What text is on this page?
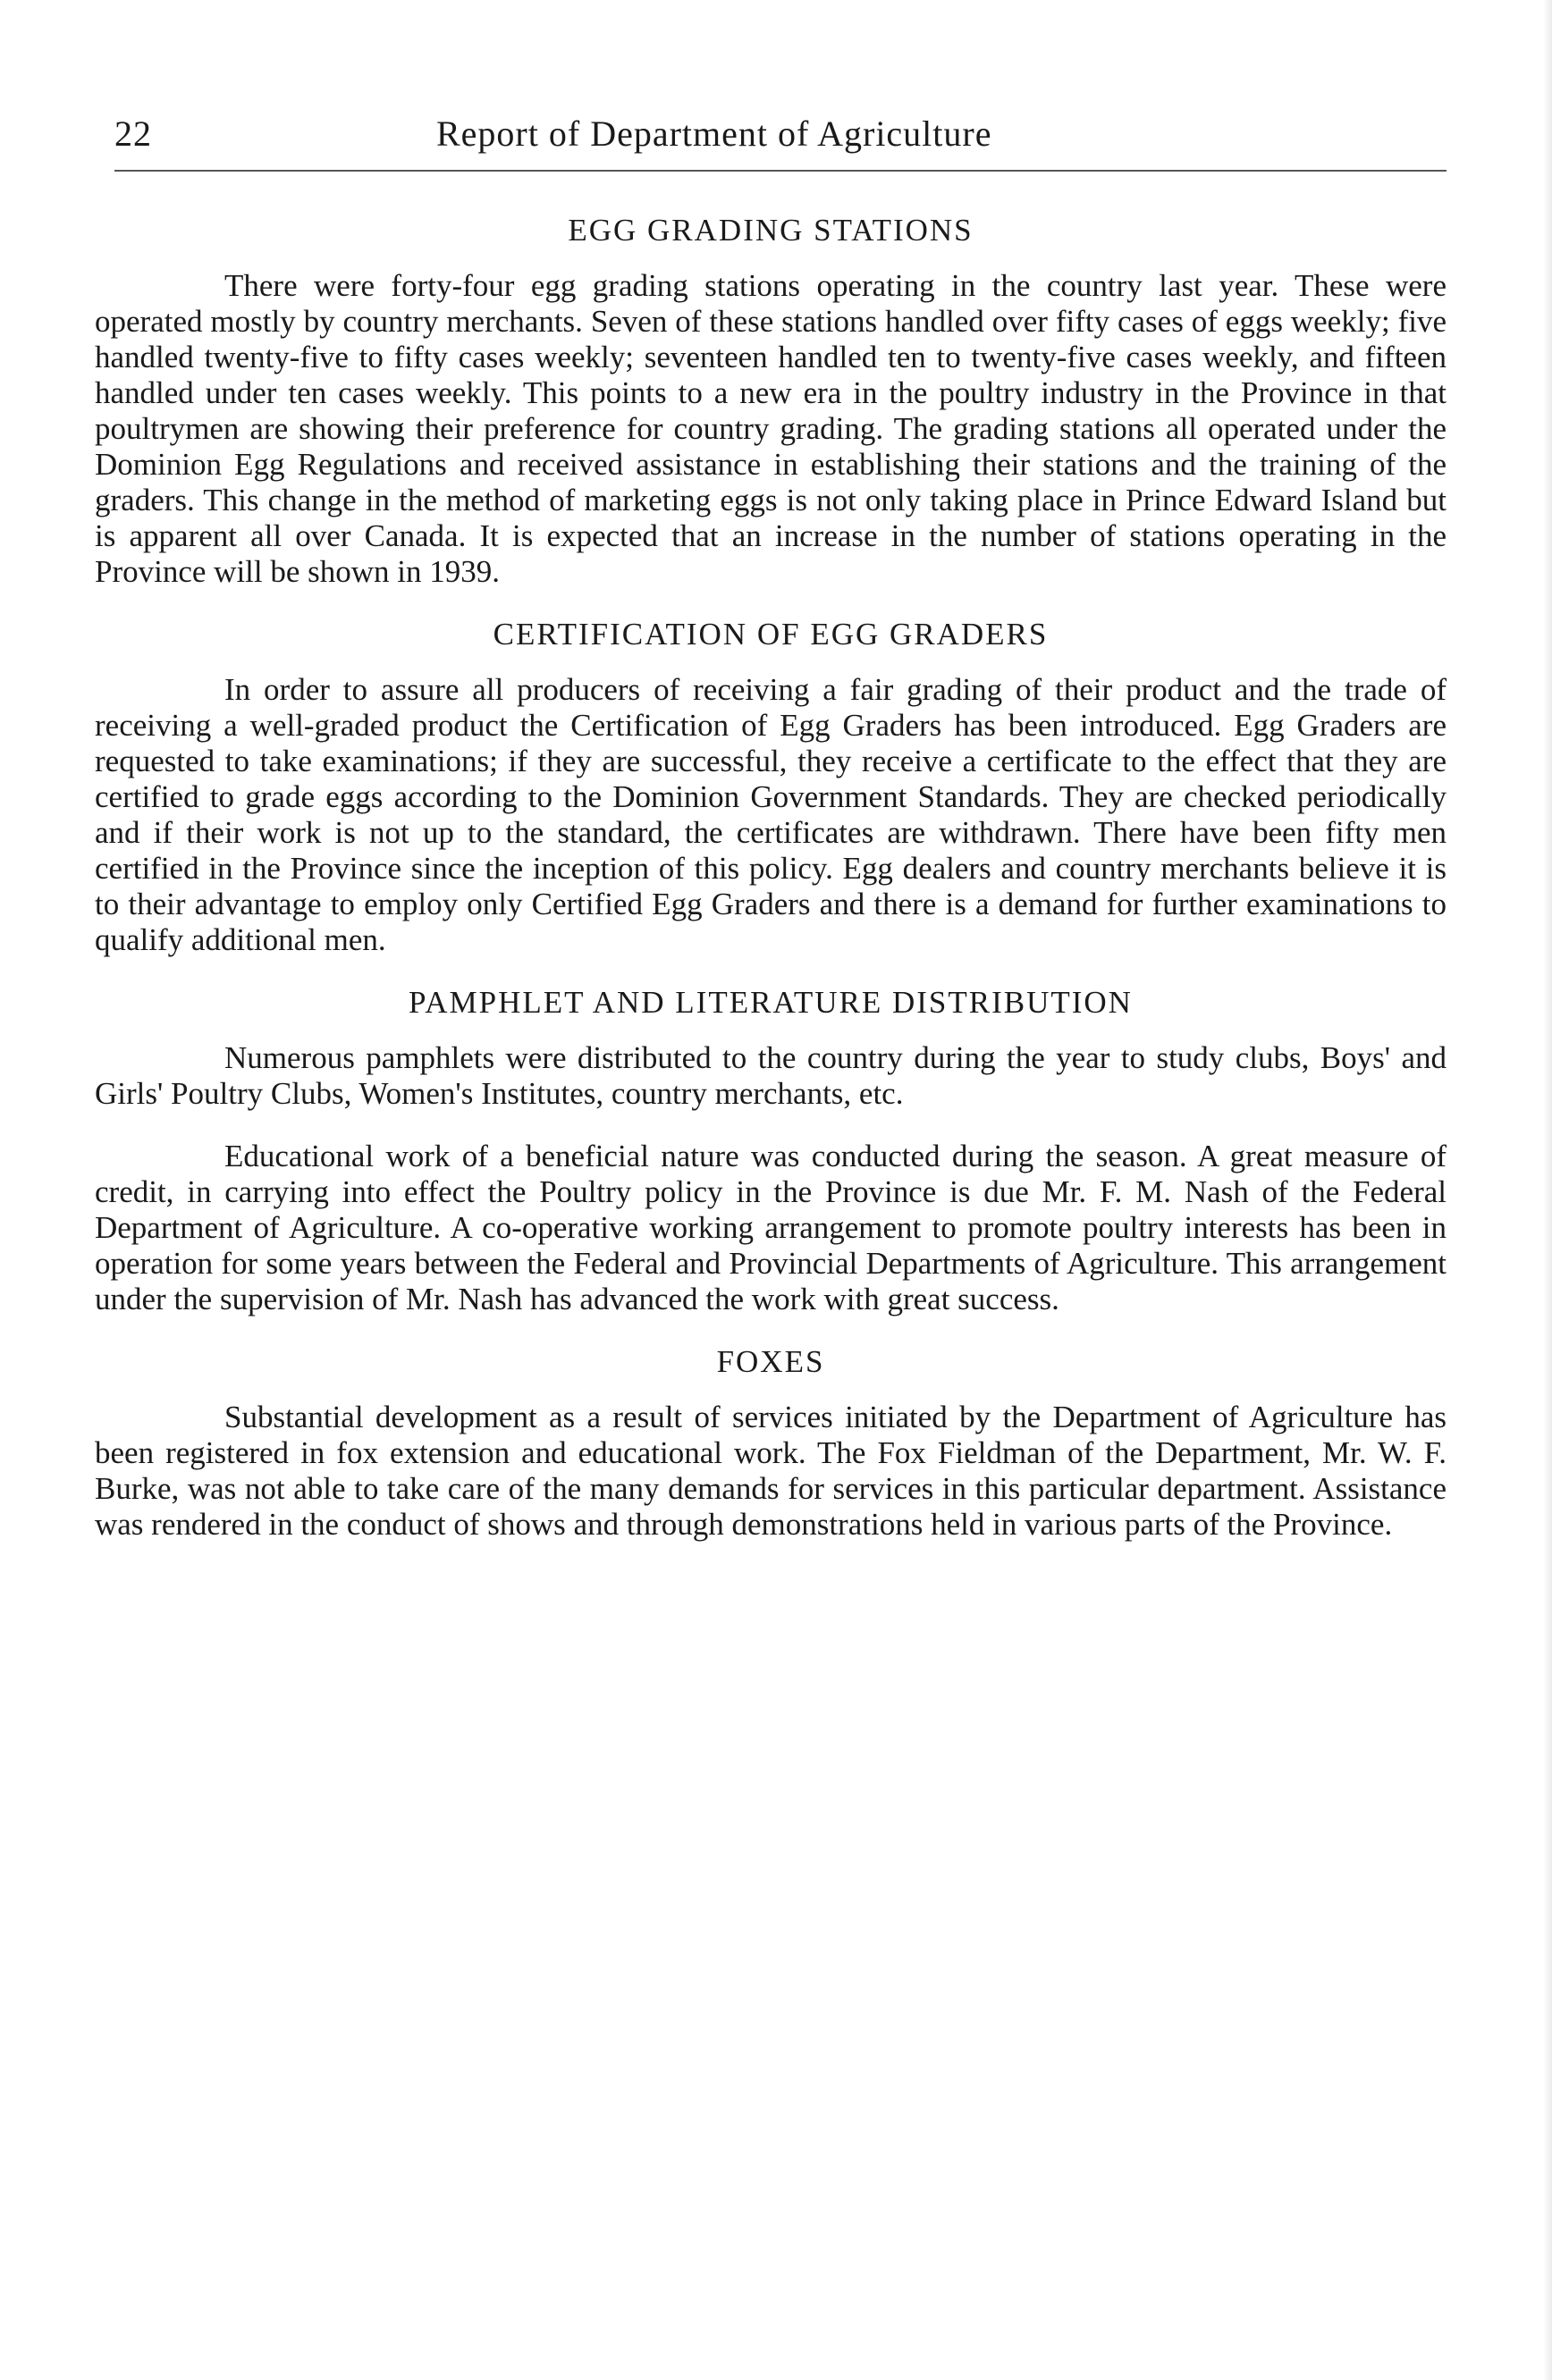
22	Report of Department of Agriculture
EGG GRADING STATIONS

There were forty-four egg grading stations operating in the country last year. These were operated mostly by country merchants. Seven of these stations handled over fifty cases of eggs weekly; five handled twenty-five to fifty cases weekly; seventeen handled ten to twenty-five cases weekly, and fifteen handled under ten cases weekly. This points to a new era in the poultry industry in the Province in that poultrymen are showing their preference for country grading. The grading stations all operated under the Dominion Egg Regulations and received assistance in establishing their stations and the training of the graders. This change in the method of marketing eggs is not only taking place in Prince Edward Island but is apparent all over Canada. It is expected that an increase in the number of stations operating in the Province will be shown in 1939.

CERTIFICATION OF EGG GRADERS

In order to assure all producers of receiving a fair grading of their product and the trade of receiving a well-graded product the Certification of Egg Graders has been introduced. Egg Graders are requested to take examinations; if they are successful, they receive a certificate to the effect that they are certified to grade eggs according to the Dominion Government Standards. They are checked periodically and if their work is not up to the standard, the certificates are withdrawn. There have been fifty men certified in the Province since the inception of this policy. Egg dealers and country merchants believe it is to their advantage to employ only Certified Egg Graders and there is a demand for further examinations to qualify additional men.

PAMPHLET AND LITERATURE DISTRIBUTION

Numerous pamphlets were distributed to the country during the year to study clubs, Boys' and Girls' Poultry Clubs, Women's Institutes, country merchants, etc.

Educational work of a beneficial nature was conducted during the season. A great measure of credit, in carrying into effect the Poultry policy in the Province is due Mr. F. M. Nash of the Federal Department of Agriculture. A co-operative working arrangement to promote poultry interests has been in operation for some years between the Federal and Provincial Departments of Agriculture. This arrangement under the supervision of Mr. Nash has advanced the work with great success.

FOXES

Substantial development as a result of services initiated by the Department of Agriculture has been registered in fox extension and educational work. The Fox Fieldman of the Department, Mr. W. F. Burke, was not able to take care of the many demands for services in this particular department. Assistance was rendered in the conduct of shows and through demonstrations held in various parts of the Province.
